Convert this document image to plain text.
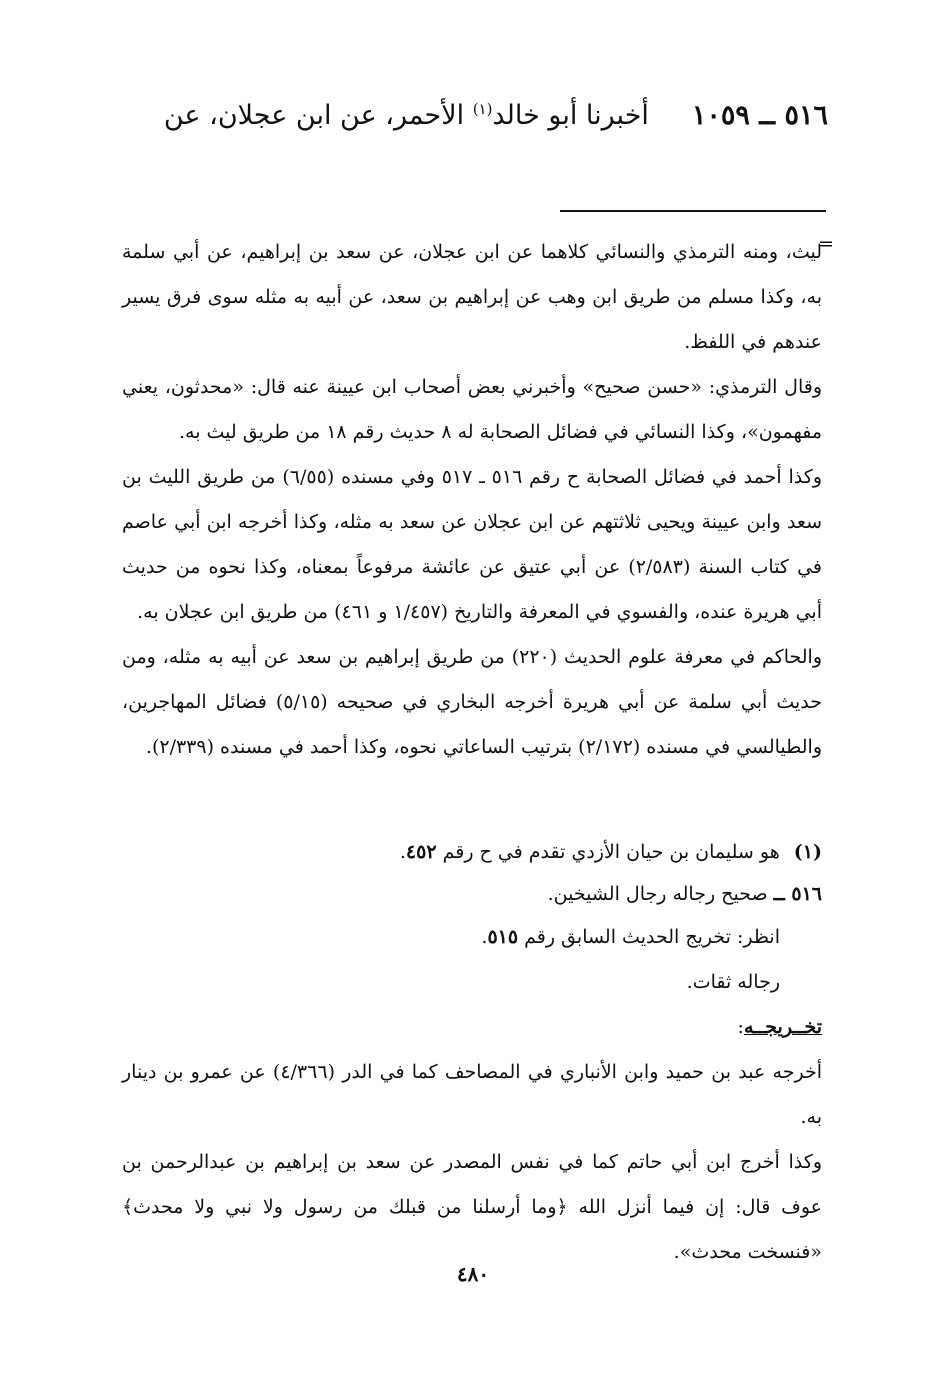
٥١٦ ــ ١٠٥٩     أخبرنا أبو خالد$^{(١)}$ الأحمر، عن ابن عجلان، عن
=

ليث، ومنه الترمذي والنسائي كلاهما عن ابن عجلان، عن سعد بن إبراهيم، عن أبي سلمة به، وكذا مسلم من طريق ابن وهب عن إبراهيم بن سعد، عن أبيه به مثله سوى فرق يسير عندهم في اللفظ.

وقال الترمذي: «حسن صحيح» وأخبرني بعض أصحاب ابن عيينة عنه قال: «محدثون، يعني مفهمون»، وكذا النسائي في فضائل الصحابة له ٨ حديث رقم ١٨ من طريق ليث به.

وكذا أحمد في فضائل الصحابة ح رقم ٥١٦ ـ ٥١٧ وفي مسنده (٦/٥٥) من طريق الليث بن سعد وابن عيينة ويحيى ثلاثتهم عن ابن عجلان عن سعد به مثله، وكذا أخرجه ابن أبي عاصم في كتاب السنة (٢/٥٨٣) عن أبي عتيق عن عائشة مرفوعاً بمعناه، وكذا نحوه من حديث أبي هريرة عنده، والفسوي في المعرفة والتاريخ (١/٤٥٧ و ٤٦١) من طريق ابن عجلان به.

والحاكم في معرفة علوم الحديث (٢٢٠) من طريق إبراهيم بن سعد عن أبيه به مثله، ومن حديث أبي سلمة عن أبي هريرة أخرجه البخاري في صحيحه (٥/١٥) فضائل المهاجرين، والطيالسي في مسنده (٢/١٧٢) بترتيب الساعاتي نحوه، وكذا أحمد في مسنده (٢/٣٣٩).

(١) هو سليمان بن حيان الأزدي تقدم في ح رقم ٤٥٢.
٥١٦ ــ صحيح رجاله رجال الشيخين.

انظر: تخريج الحديث السابق رقم ٥١٥.

رجاله ثقات.

تخــريجــه:

أخرجه عبد بن حميد وابن الأنباري في المصاحف كما في الدر (٤/٣٦٦) عن عمرو بن دينار به.

وكذا أخرج ابن أبي حاتم كما في نفس المصدر عن سعد بن إبراهيم بن عبدالرحمن بن عوف قال: إن فيما أنزل الله ﴿وما أرسلنا من قبلك من رسول ولا نبي ولا محدث﴾ «فنسخت محدث».

٤٨٠
